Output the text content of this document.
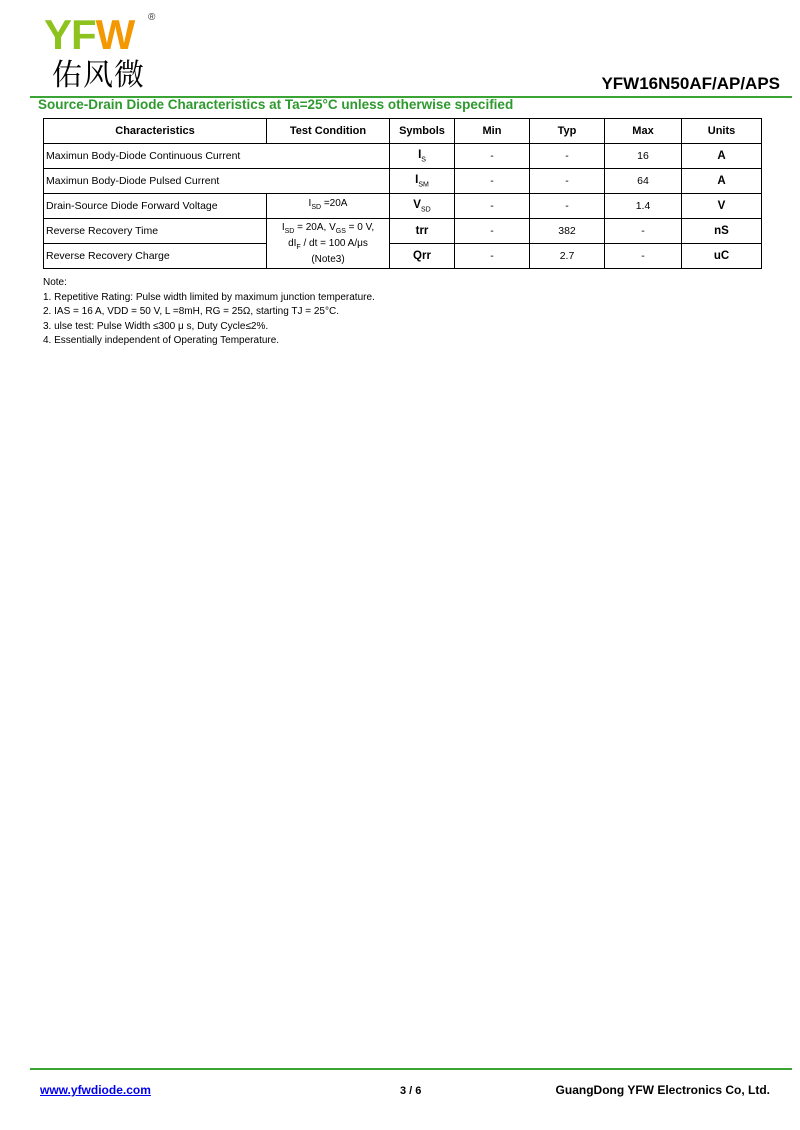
YFW ®
佑风微	YFW16N50AF/AP/APS
Source-Drain Diode Characteristics at Ta=25°C unless otherwise specified
Characteristics	Test Condition	Symbols	Min	Typ	Max	Units
Maximun Body-Diode Continuous Current		$I_S$	-	-	16	A
Maximun Body-Diode Pulsed Current		$I_{SM}$	-	-	64	A
Drain-Source Diode Forward Voltage	$I_{SD} =20A$	$V_{SD}$	-	-	1.4	V
Reverse Recovery Time	$I_{SD} = 20A$, $V_{GS} = 0$ V,
$dI_F$ / dt = 100 A/μs
(Note3)	trr	-	382	-	nS
Reverse Recovery Charge		Qrr	-	2.7	-	uC
Note:
1. Repetitive Rating: Pulse width limited by maximum junction temperature.
2. IAS = 16 A, VDD = 50 V, L =8mH, RG = 25Ω, starting TJ = 25°C.
3. ulse test: Pulse Width ≤300 μ s, Duty Cycle≤2%.
4. Essentially independent of Operating Temperature.
www.yfwdiode.com	3 / 6	GuangDong YFW Electronics Co, Ltd.
